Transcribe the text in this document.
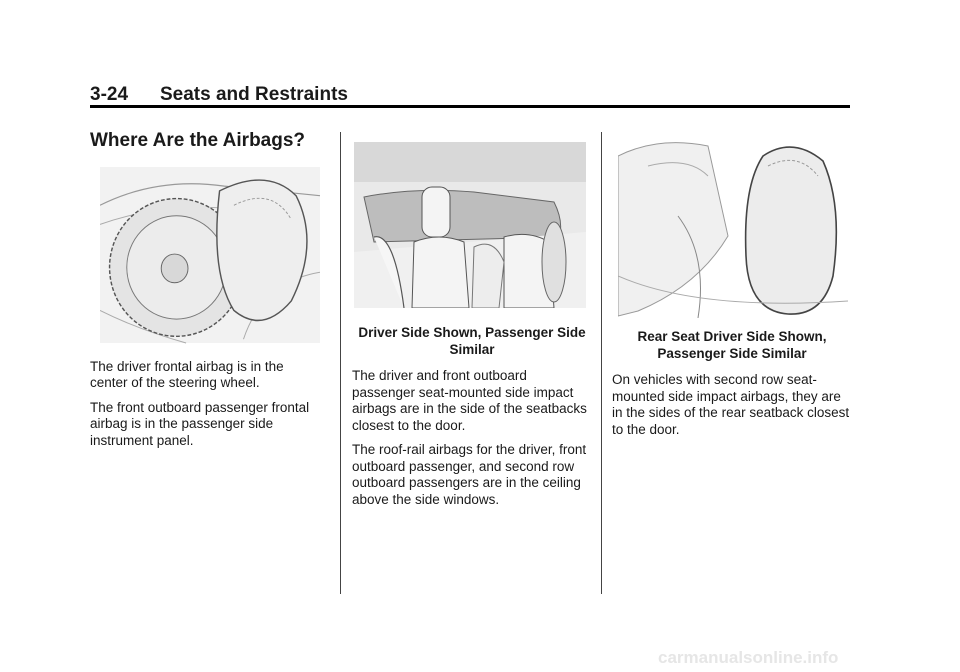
3-24 Seats and Restraints
Where Are the Airbags?

The driver frontal airbag is in the center of the steering wheel.

The front outboard passenger frontal airbag is in the passenger side instrument panel.

Driver Side Shown, Passenger Side Similar

The driver and front outboard passenger seat-mounted side impact airbags are in the side of the seatbacks closest to the door.

The roof-rail airbags for the driver, front outboard passenger, and second row outboard passengers are in the ceiling above the side windows.

Rear Seat Driver Side Shown, Passenger Side Similar

On vehicles with second row seat-mounted side impact airbags, they are in the sides of the rear seatback closest to the door.

carmanualsonline.info
